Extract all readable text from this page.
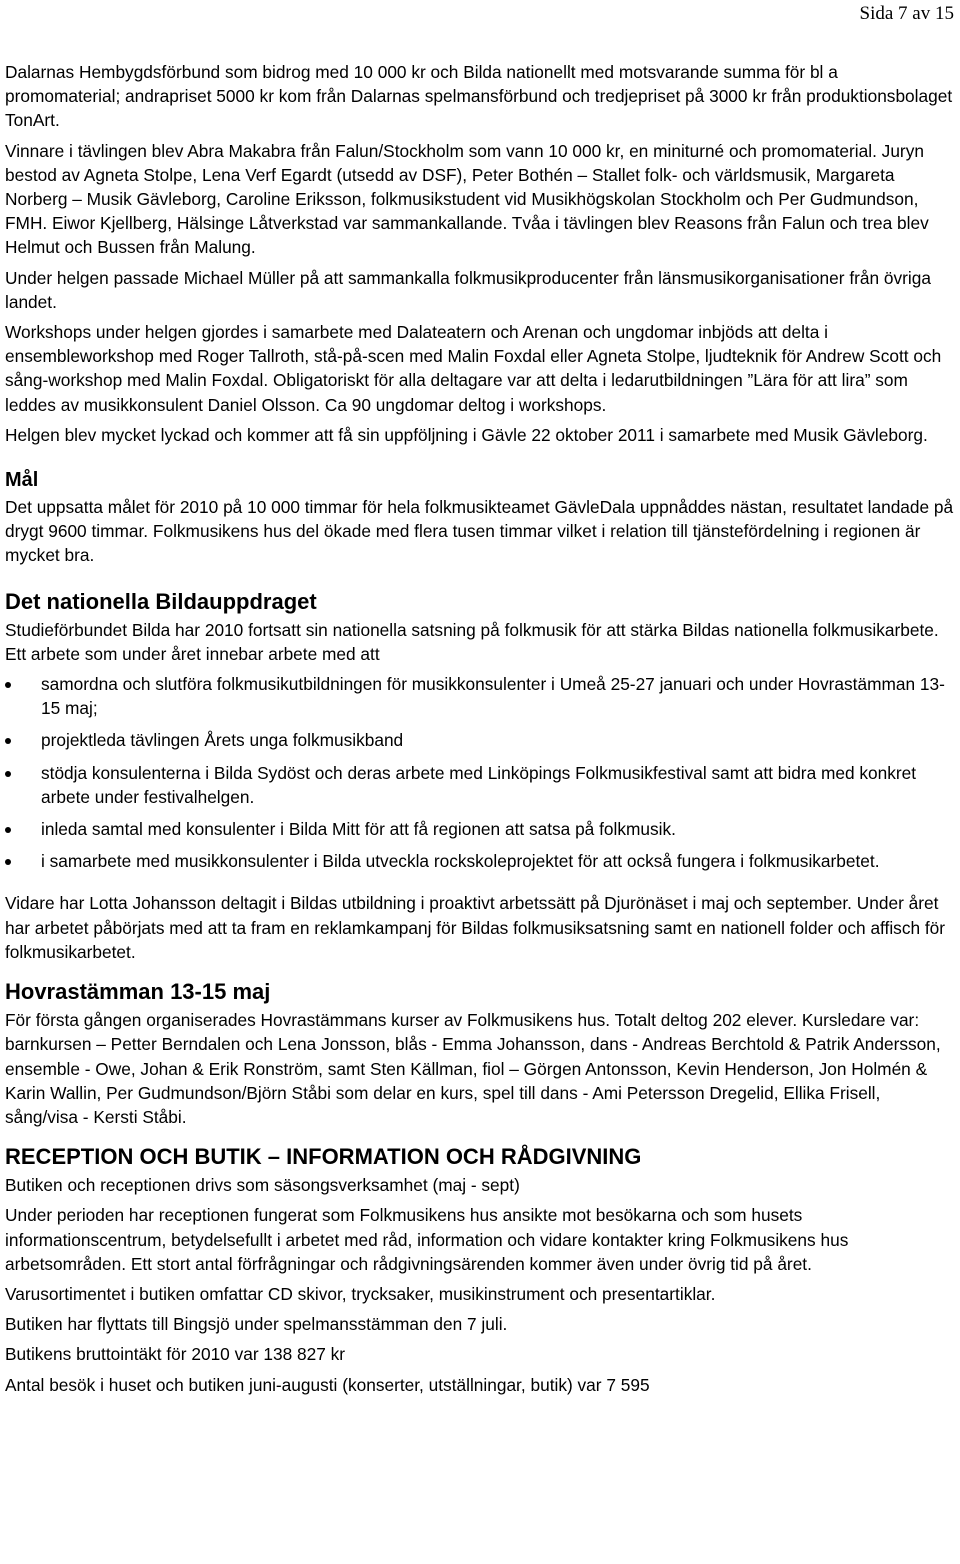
Sida 7 av 15

Dalarnas Hembygdsförbund som bidrog med 10 000 kr och Bilda nationellt med motsvarande summa för bl a promomaterial; andrapriset 5000 kr kom från Dalarnas spelmansförbund och tredjepriset på 3000 kr från produktionsbolaget TonArt.

Vinnare i tävlingen blev Abra Makabra från Falun/Stockholm som vann 10 000 kr, en miniturné och promomaterial. Juryn bestod av Agneta Stolpe, Lena Verf Egardt (utsedd av DSF), Peter Bothén – Stallet folk- och världsmusik, Margareta Norberg – Musik Gävleborg, Caroline Eriksson, folkmusikstudent vid Musikhögskolan Stockholm och Per Gudmundson, FMH. Eiwor Kjellberg, Hälsinge Låtverkstad var sammankallande. Tvåa i tävlingen blev Reasons från Falun och trea blev Helmut och Bussen från Malung.

Under helgen passade Michael Müller på att sammankalla folkmusikproducenter från länsmusikorganisationer från övriga landet.

Workshops under helgen gjordes i samarbete med Dalateatern och Arenan och ungdomar inbjöds att delta i ensembleworkshop med Roger Tallroth, stå-på-scen med Malin Foxdal eller Agneta Stolpe, ljudteknik för Andrew Scott och sång-workshop med Malin Foxdal. Obligatoriskt för alla deltagare var att delta i ledarutbildningen ”Lära för att lira” som leddes av musikkonsulent Daniel Olsson. Ca 90 ungdomar deltog i workshops.

Helgen blev mycket lyckad och kommer att få sin uppföljning i Gävle 22 oktober 2011 i samarbete med Musik Gävleborg.

Mål

Det uppsatta målet för 2010 på 10 000 timmar för hela folkmusikteamet GävleDala uppnåddes nästan, resultatet landade på drygt 9600 timmar. Folkmusikens hus del ökade med flera tusen timmar vilket i relation till tjänstefördelning i regionen är mycket bra.

Det nationella Bildauppdraget

Studieförbundet Bilda har 2010 fortsatt sin nationella satsning på folkmusik för att stärka Bildas nationella folkmusikarbete. Ett arbete som under året innebar arbete med att

samordna och slutföra folkmusikutbildningen för musikkonsulenter i Umeå 25-27 januari och under Hovrastämman 13-15 maj;
projektleda tävlingen Årets unga folkmusikband
stödja konsulenterna i Bilda Sydöst och deras arbete med Linköpings Folkmusikfestival samt att bidra med konkret arbete under festivalhelgen.
inleda samtal med konsulenter i Bilda Mitt för att få regionen att satsa på folkmusik.
i samarbete med musikkonsulenter i Bilda utveckla rockskoleprojektet för att också fungera i folkmusikarbetet.

Vidare har Lotta Johansson deltagit i Bildas utbildning i proaktivt arbetssätt på Djurönäset i maj och september. Under året har arbetet påbörjats med att ta fram en reklamkampanj för Bildas folkmusiksatsning samt en nationell folder och affisch för folkmusikarbetet.

Hovrastämman 13-15 maj

För första gången organiserades Hovrastämmans kurser av Folkmusikens hus. Totalt deltog 202 elever. Kursledare var: barnkursen – Petter Berndalen och Lena Jonsson, blås - Emma Johansson, dans - Andreas Berchtold & Patrik Andersson, ensemble - Owe, Johan & Erik Ronström, samt Sten Källman, fiol – Görgen Antonsson, Kevin Henderson, Jon Holmén & Karin Wallin, Per Gudmundson/Björn Ståbi som delar en kurs, spel till dans - Ami Petersson Dregelid, Ellika Frisell, sång/visa - Kersti Ståbi.

RECEPTION OCH BUTIK – INFORMATION OCH RÅDGIVNING

Butiken och receptionen drivs som säsongsverksamhet (maj - sept)

Under perioden har receptionen fungerat som Folkmusikens hus ansikte mot besökarna och som husets informationscentrum, betydelsefullt i arbetet med råd, information och vidare kontakter kring Folkmusikens hus arbetsområden. Ett stort antal förfrågningar och rådgivningsärenden kommer även under övrig tid på året.

Varusortimentet i butiken omfattar CD skivor, trycksaker, musikinstrument och presentartiklar.

Butiken har flyttats till Bingsjö under spelmansstämman den 7 juli.

Butikens bruttointäkt för 2010 var 138 827 kr

Antal besök i huset och butiken juni-augusti (konserter, utställningar, butik) var 7 595
